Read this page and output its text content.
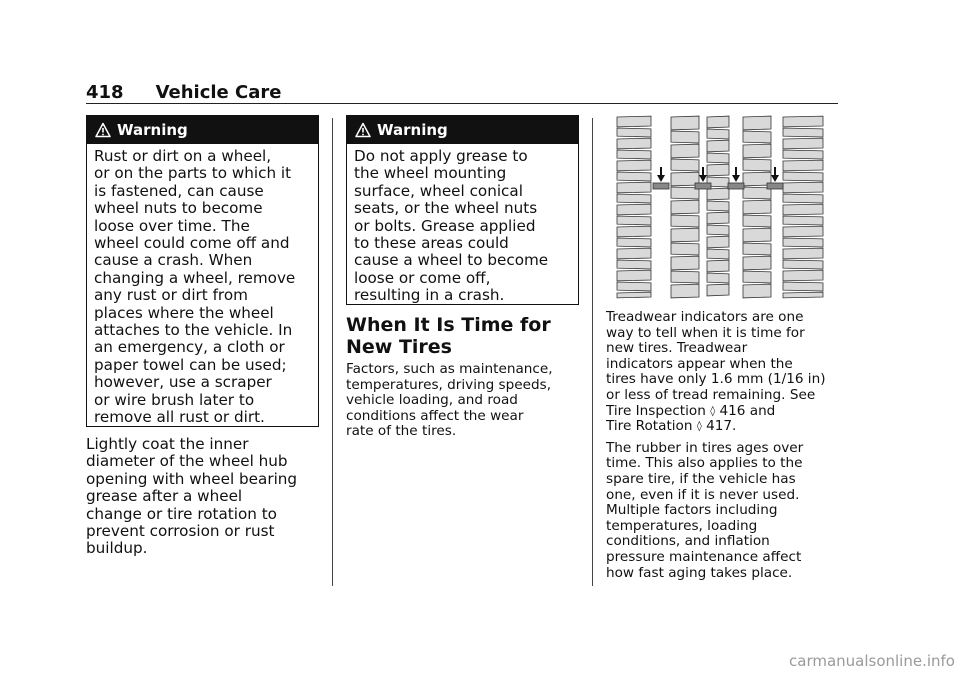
418 Vehicle Care
Warning
Rust or dirt on a wheel,
or on the parts to which it
is fastened, can cause
wheel nuts to become
loose over time. The
wheel could come off and
cause a crash. When
changing a wheel, remove
any rust or dirt from
places where the wheel
attaches to the vehicle. In
an emergency, a cloth or
paper towel can be used;
however, use a scraper
or wire brush later to
remove all rust or dirt.
Lightly coat the inner
diameter of the wheel hub
opening with wheel bearing
grease after a wheel
change or tire rotation to
prevent corrosion or rust
buildup.
Warning
Do not apply grease to
the wheel mounting
surface, wheel conical
seats, or the wheel nuts
or bolts. Grease applied
to these areas could
cause a wheel to become
loose or come off,
resulting in a crash.
When It Is Time for
New Tires
Factors, such as maintenance,
temperatures, driving speeds,
vehicle loading, and road
conditions affect the wear
rate of the tires.

Treadwear indicators are one
way to tell when it is time for
new tires. Treadwear
indicators appear when the
tires have only 1.6 mm (1/16 in)
or less of tread remaining. See
Tire Inspection ◊ 416 and
Tire Rotation ◊ 417.

The rubber in tires ages over
time. This also applies to the
spare tire, if the vehicle has
one, even if it is never used.
Multiple factors including
temperatures, loading
conditions, and inflation
pressure maintenance affect
how fast aging takes place.

carmanualsonline.info
